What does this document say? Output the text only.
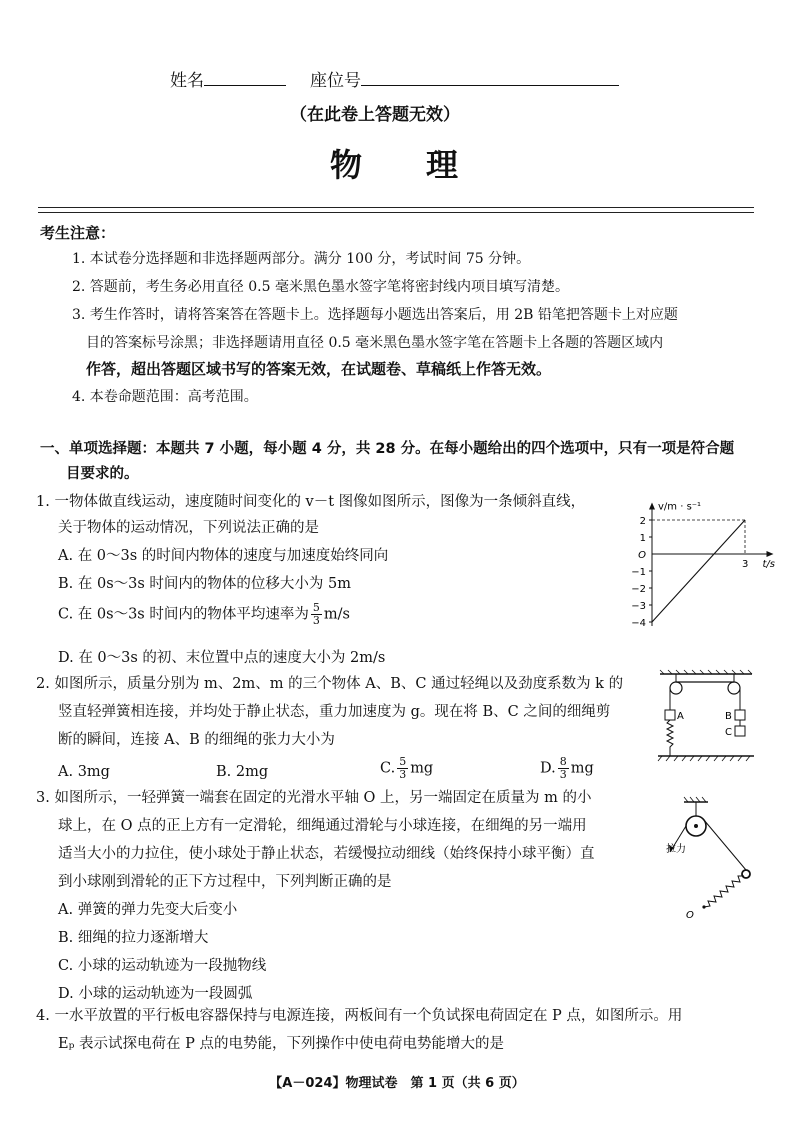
姓名	座位号
（在此卷上答题无效）
物　　理
考生注意：
1. 本试卷分选择题和非选择题两部分。满分 100 分，考试时间 75 分钟。
2. 答题前，考生务必用直径 0.5 毫米黑色墨水签字笔将密封线内项目填写清楚。
3. 考生作答时，请将答案答在答题卡上。选择题每小题选出答案后，用 2B 铅笔把答题卡上对应题
目的答案标号涂黑；非选择题请用直径 0.5 毫米黑色墨水签字笔在答题卡上各题的答题区域内
作答，超出答题区域书写的答案无效，在试题卷、草稿纸上作答无效。
4. 本卷命题范围：高考范围。
一、单项选择题：本题共 7 小题，每小题 4 分，共 28 分。在每小题给出的四个选项中，只有一项是符合题
目要求的。
1. 一物体做直线运动，速度随时间变化的 v－t 图像如图所示，图像为一条倾斜直线，
关于物体的运动情况，下列说法正确的是
A. 在 0～3s 的时间内物体的速度与加速度始终同向
B. 在 0s～3s 时间内的物体的位移大小为 5m
C. 在 0s～3s 时间内的物体平均速率为 $\frac{5}{3} m/s$
D. 在 0～3s 的初、末位置中点的速度大小为 2m/s
2
1
O
−1
−2
−3
−4
3
v/m · s⁻¹
t/s
2. 如图所示，质量分别为 m、2m、m 的三个物体 A、B、C 通过轻绳以及劲度系数为 k 的
竖直轻弹簧相连接，并均处于静止状态，重力加速度为 g。现在将 B、C 之间的细绳剪
断的瞬间，连接 A、B 的细绳的张力大小为
A. 3mg	B. 2mg	C. $\frac{5}{3}$ mg	D. $\frac{8}{3}$ mg
A	B
C
3. 如图所示，一轻弹簧一端套在固定的光滑水平轴 O 上，另一端固定在质量为 m 的小
球上，在 O 点的正上方有一定滑轮，细绳通过滑轮与小球连接，在细绳的另一端用
适当大小的力拉住，使小球处于静止状态，若缓慢拉动细线（始终保持小球平衡）直
到小球刚到滑轮的正下方过程中，下列判断正确的是
A. 弹簧的弹力先变大后变小
B. 细绳的拉力逐渐增大
C. 小球的运动轨迹为一段抛物线
D. 小球的运动轨迹为一段圆弧
拉力
O
4. 一水平放置的平行板电容器保持与电源连接，两板间有一个负试探电荷固定在 P 点，如图所示。用
Eₚ 表示试探电荷在 P 点的电势能，下列操作中使电荷电势能增大的是
【A－024】物理试卷　第 1 页（共 6 页）
